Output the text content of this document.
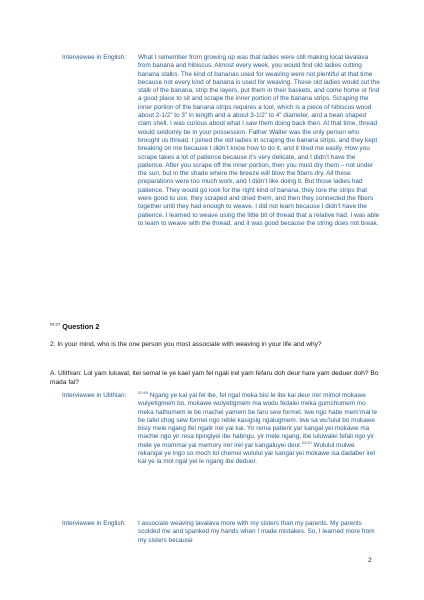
Interviewee in English:	What I remember from growing up was that ladies were still making local lavalava from banana and hibiscus. Almost every week, you would find old ladies cutting banana stalks. The kind of bananas used for weaving were not plentiful at that time because not every kind of banana is used for weaving. These old ladies would cut the stalk of the banana, strip the layers, put them in their baskets, and come home or find a good place to sit and scrape the inner portion of the banana strips. Scraping the inner portion of the banana strips requires a tool, which is a piece of hibiscus wood about 2-1/2” to 3” in length and a about 3-1/2” to 4” diameter, and a bean shaped clam shell. I was curious about what I saw them doing back then. At that time, thread would seldomly be in your possession. Father Walter was the only person who brought us thread. I joined the old ladies in scraping the banana strips, and they kept breaking on me because I didn’t know how to do it, and it tired me easily. How you scrape takes a lot of patience because it’s very delicate, and I didn’t have the patience. After you scrape off the inner portion, then you must dry them – not under the sun, but in the shade where the breeze will blow the fibers dry. All these preparations were too much work, and I didn’t like doing it. But those ladies had patience. They would go look for the right kind of banana, they tore the strips that were good to use, they scraped and dried them, and then they connected the fibers together until they had enough to weave. I did not learn because I didn’t have the patience. I learned to weave using the little bit of thread that a relative had. I was able to learn to weave with the thread, and it was good because the string does not break.
$^{03:27}$ Question 2
2. In your mind, who is the one person you most associate with weaving in your life and why?
A. Ulithian: Lol yam luluwal, itei semal le ye kael yam fel ngali irel yam fefaru doh deur hare yam deduer doh? Bo mada fal?
Interviewee in Ulithian:	$^{03:45}$ Ngang ye kal yai fel ibe, fel ngal meka bisi le ibe kai deur irer mimol mokawe wulyetigmem bo, mokawe wulyetigmem ma wodu fedalei meka gumchumem mo meka hathumem le be machei yamem be faru sew formel. Iwe ngo habe mem’mal le be tafel chog sew formei ngo reble kasigsig ngalugmem. Iwe sa wu’lulul bo mokawe bisiy mele ngang ifel ngalir irel yai kai. Yir rema patient yar kangal yei mokawe ma machei ngo yir resa tipingiyei ibe habngu. yir mele ngang, ibe luluwalei fefali ngo yir mele ye mommai yai memory irer irel yar kangaluyei deur.$^{04:20}$ Wululul mulwe rekangal ye ingo so moch lol chemei wululul yar kangal yei mokawe isa dadaber irel kai ye la mol ngal yei le ngang ibe deduer.
Interviewee in English:	I associate weaving lavalava more with my sisters than my parents. My parents scolded me and spanked my hands when I made mistakes. So, I learned more from my sisters because
2
